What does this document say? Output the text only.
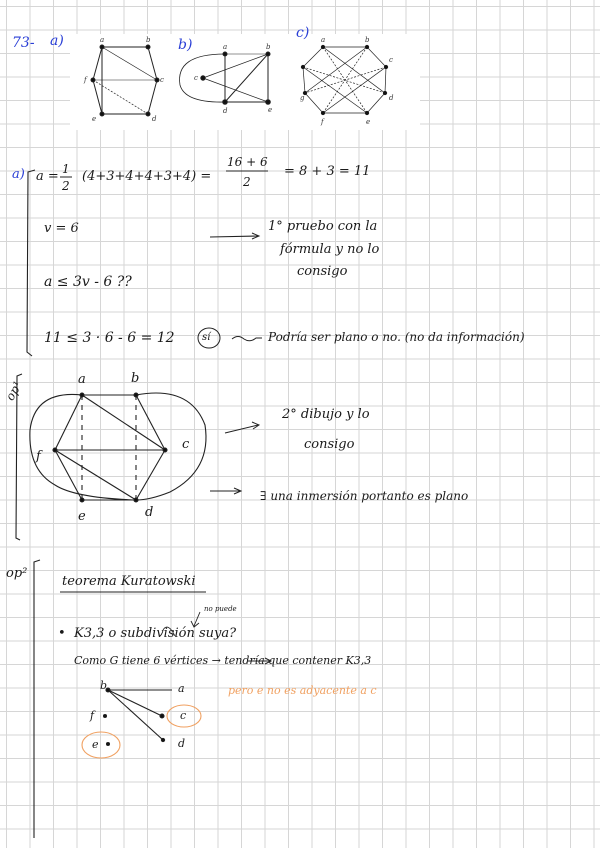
73- a)	b)
c)
a	b
c
d
e
f
a	b
c
d	e
a	b
c
d
e
f
g
a) a = 1
2
(4+3+4+4+3+4) =
16 + 6
2
= 8 + 3 = 11
v = 6	1° pruebo con la
fórmula y no lo
consigo
a ≤ 3v - 6 ??
11 ≤ 3 · 6 - 6 = 12	sí	Podría ser plano o no. (no da información)
op¹	a	b
c
d
e
f
2° dibujo y lo
consigo
∃ una inmersión portanto es plano
op²
teorema Kuratowski
no puede
• K3,3 o subdivisión suya?
Como G tiene 6 vértices → tendría que contener K3,3
b	a
f	c
e	d
pero e no es adyacente a c
